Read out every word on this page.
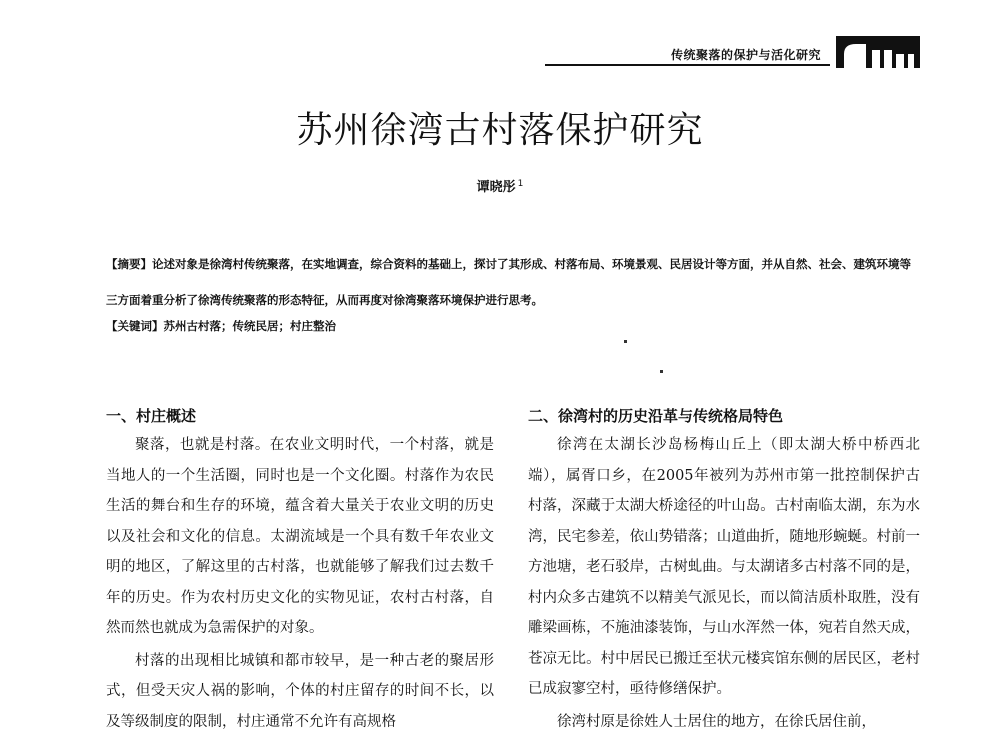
传统聚落的保护与活化研究
苏州徐湾古村落保护研究
谭晓彤 $^1$
【摘要】论述对象是徐湾村传统聚落，在实地调查，综合资料的基础上，探讨了其形成、村落布局、环境景观、民居设计等方面，并从自然、社会、建筑环境等三方面着重分析了徐湾传统聚落的形态特征，从而再度对徐湾聚落环境保护进行思考。
【关键词】苏州古村落；传统民居；村庄整治
一、村庄概述

聚落，也就是村落。在农业文明时代，一个村落，就是当地人的一个生活圈，同时也是一个文化圈。村落作为农民生活的舞台和生存的环境，蕴含着大量关于农业文明的历史以及社会和文化的信息。太湖流域是一个具有数千年农业文明的地区，了解这里的古村落，也就能够了解我们过去数千年的历史。作为农村历史文化的实物见证，农村古村落，自然而然也就成为急需保护的对象。

村落的出现相比城镇和都市较早，是一种古老的聚居形式，但受天灾人祸的影响，个体的村庄留存的时间不长，以及等级制度的限制，村庄通常不允许有高规格

二、徐湾村的历史沿革与传统格局特色

徐湾在太湖长沙岛杨梅山丘上（即太湖大桥中桥西北端），属胥口乡，在2005年被列为苏州市第一批控制保护古村落，深藏于太湖大桥途径的叶山岛。古村南临太湖，东为水湾，民宅参差，依山势错落；山道曲折，随地形蜿蜒。村前一方池塘，老石驳岸，古树虬曲。与太湖诸多古村落不同的是，村内众多古建筑不以精美气派见长，而以简洁质朴取胜，没有雕梁画栋，不施油漆装饰，与山水浑然一体，宛若自然天成，苍凉无比。村中居民已搬迁至状元楼宾馆东侧的居民区，老村已成寂寥空村，亟待修缮保护。

徐湾村原是徐姓人士居住的地方，在徐氏居住前，
